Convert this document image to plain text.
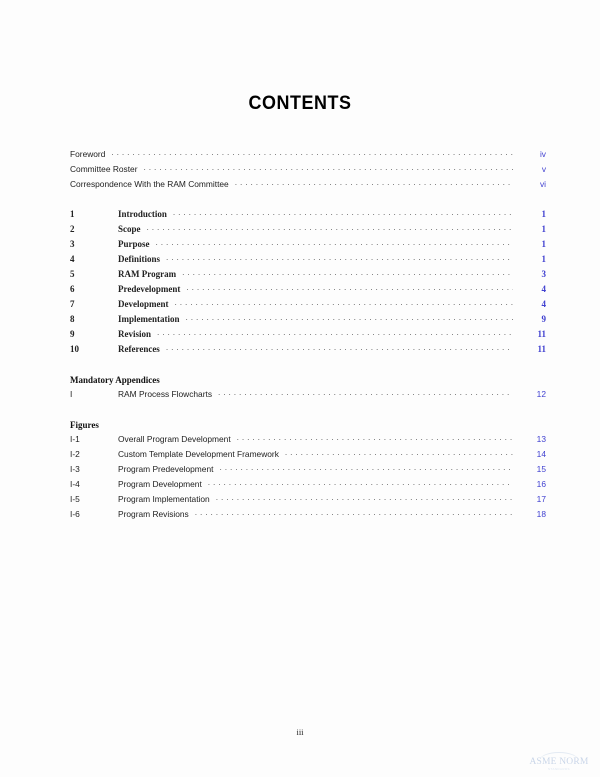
CONTENTS
Foreword . . .	iv
Committee Roster . . .	v
Correspondence With the RAM Committee . . .	vi
1	Introduction . . .	1
2	Scope . . .	1
3	Purpose . . .	1
4	Definitions . . .	1
5	RAM Program . . .	3
6	Predevelopment . . .	4
7	Development . . .	4
8	Implementation . . .	9
9	Revision . . .	11
10	References . . .	11
Mandatory Appendices
I	RAM Process Flowcharts . . .	12
Figures
I-1	Overall Program Development . . .	13
I-2	Custom Template Development Framework . . .	14
I-3	Program Predevelopment . . .	15
I-4	Program Development . . .	16
I-5	Program Implementation . . .	17
I-6	Program Revisions . . .	18
iii
ASME NORM
STANDARDS
